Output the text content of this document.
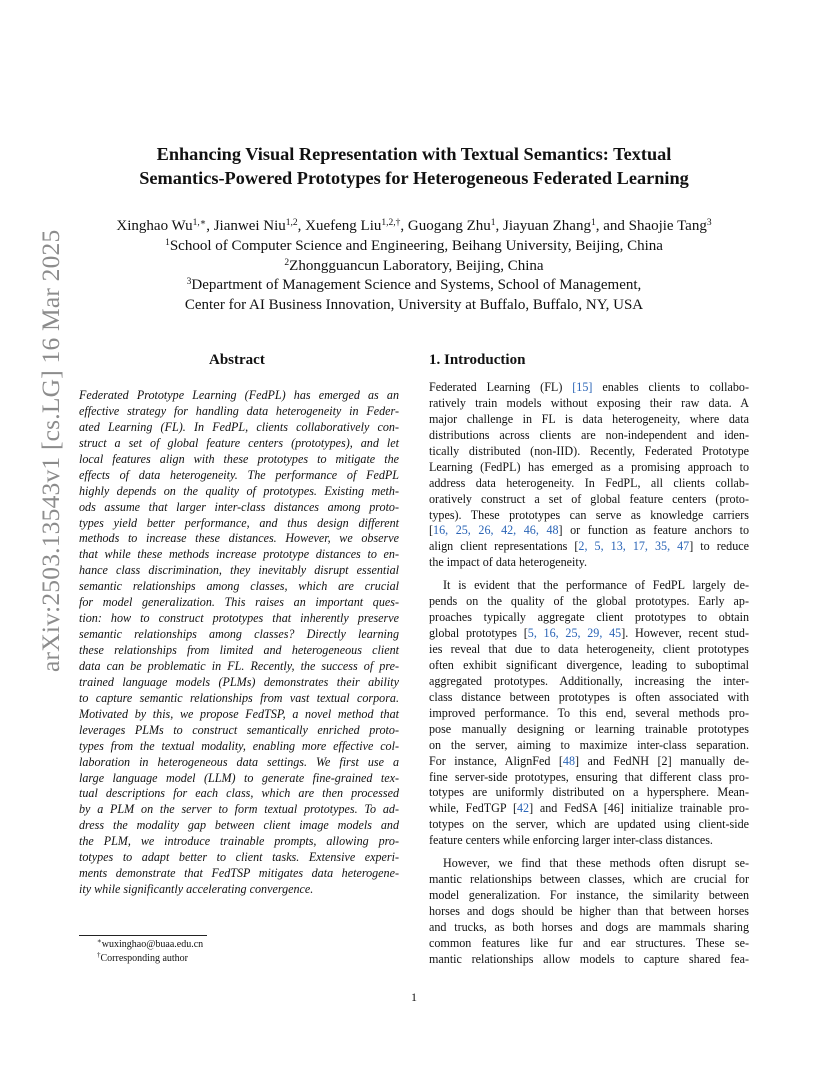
arXiv:2503.13543v1 [cs.LG] 16 Mar 2025
Enhancing Visual Representation with Textual Semantics: Textual
Semantics-Powered Prototypes for Heterogeneous Federated Learning
Xinghao $Wu^{1,∗}$, Jianwei Niu$^{1,2}$, Xuefeng Liu$^{1,2,\dagger}$, Guogang Zhu$^1$, Jiayuan Zhang$^1$, and Shaojie Tang$^3$
$^1$School of Computer Science and Engineering, Beihang University, Beijing, China
$^2$Zhongguancun Laboratory, Beijing, China
$^3$Department of Management Science and Systems, School of Management,
Center for AI Business Innovation, University at Buffalo, Buffalo, NY, USA
Abstract
Federated Prototype Learning (FedPL) has emerged as an
effective strategy for handling data heterogeneity in Feder-
ated Learning (FL). In FedPL, clients collaboratively con-
struct a set of global feature centers (prototypes), and let
local features align with these prototypes to mitigate the
effects of data heterogeneity. The performance of FedPL
highly depends on the quality of prototypes. Existing meth-
ods assume that larger inter-class distances among proto-
types yield better performance, and thus design different
methods to increase these distances. However, we observe
that while these methods increase prototype distances to en-
hance class discrimination, they inevitably disrupt essential
semantic relationships among classes, which are crucial
for model generalization. This raises an important ques-
tion: how to construct prototypes that inherently preserve
semantic relationships among classes? Directly learning
these relationships from limited and heterogeneous client
data can be problematic in FL. Recently, the success of pre-
trained language models (PLMs) demonstrates their ability
to capture semantic relationships from vast textual corpora.
Motivated by this, we propose FedTSP, a novel method that
leverages PLMs to construct semantically enriched proto-
types from the textual modality, enabling more effective col-
laboration in heterogeneous data settings. We first use a
large language model (LLM) to generate fine-grained tex-
tual descriptions for each class, which are then processed
by a PLM on the server to form textual prototypes. To ad-
dress the modality gap between client image models and
the PLM, we introduce trainable prompts, allowing pro-
totypes to adapt better to client tasks. Extensive experi-
ments demonstrate that FedTSP mitigates data heterogene-
ity while significantly accelerating convergence.
1. Introduction
Federated Learning (FL) [15] enables clients to collabo-
ratively train models without exposing their raw data. A
major challenge in FL is data heterogeneity, where data
distributions across clients are non-independent and iden-
tically distributed (non-IID). Recently, Federated Prototype
Learning (FedPL) has emerged as a promising approach to
address data heterogeneity. In FedPL, all clients collab-
oratively construct a set of global feature centers (proto-
types). These prototypes can serve as knowledge carriers
[16, 25, 26, 42, 46, 48] or function as feature anchors to
align client representations [2, 5, 13, 17, 35, 47] to reduce
the impact of data heterogeneity.
It is evident that the performance of FedPL largely de-
pends on the quality of the global prototypes. Early ap-
proaches typically aggregate client prototypes to obtain
global prototypes [5, 16, 25, 29, 45]. However, recent stud-
ies reveal that due to data heterogeneity, client prototypes
often exhibit significant divergence, leading to suboptimal
aggregated prototypes. Additionally, increasing the inter-
class distance between prototypes is often associated with
improved performance. To this end, several methods pro-
pose manually designing or learning trainable prototypes
on the server, aiming to maximize inter-class separation.
For instance, AlignFed [48] and FedNH [2] manually de-
fine server-side prototypes, ensuring that different class pro-
totypes are uniformly distributed on a hypersphere. Mean-
while, FedTGP [42] and FedSA [46] initialize trainable pro-
totypes on the server, which are updated using client-side
feature centers while enforcing larger inter-class distances.
However, we find that these methods often disrupt se-
mantic relationships between classes, which are crucial for
model generalization. For instance, the similarity between
horses and dogs should be higher than that between horses
and trucks, as both horses and dogs are mammals sharing
common features like fur and ear structures. These se-
mantic relationships allow models to capture shared fea-
∗wuxinghao@buaa.edu.cn
†Corresponding author
1
